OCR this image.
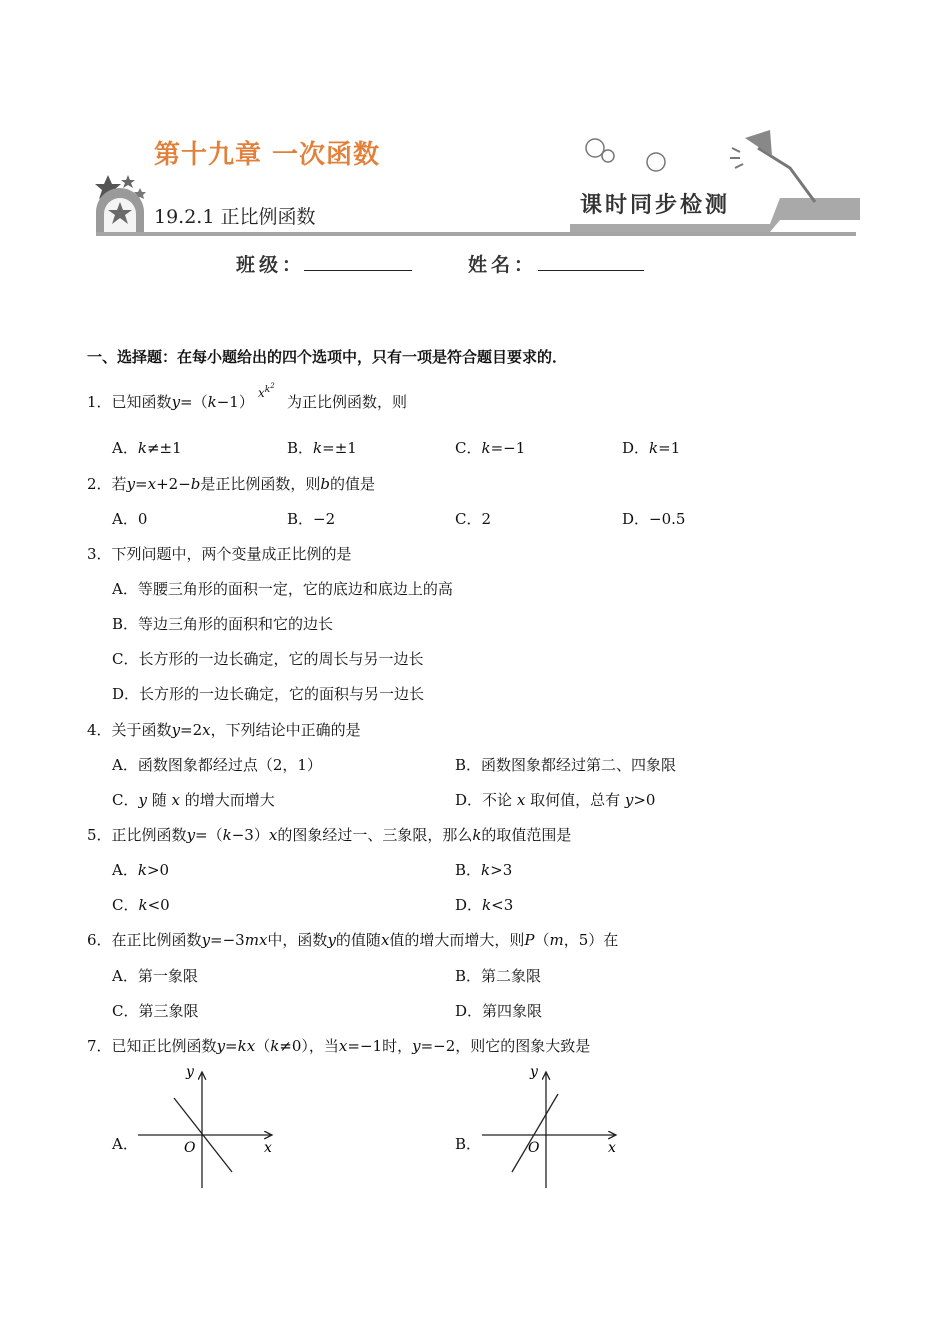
第十九章 一次函数
19.2.1 正比例函数	课时同步检测
班级：	姓名：
一、选择题：在每小题给出的四个选项中，只有一项是符合题目要求的．
1．已知函数y=（k−1） $x^{k^2}$
为正比例函数，则
A．k≠±1	B．k=±1	C．k=−1	D．k=1
2．若y=x+2−b是正比例函数，则b的值是
A．0	B．−2	C．2	D．−0.5
3．下列问题中，两个变量成正比例的是
A．等腰三角形的面积一定，它的底边和底边上的高
B．等边三角形的面积和它的边长
C．长方形的一边长确定，它的周长与另一边长
D．长方形的一边长确定，它的面积与另一边长
4．关于函数y=2x，下列结论中正确的是
A．函数图象都经过点（2，1）	B．函数图象都经过第二、四象限
C．y 随 x 的增大而增大	D．不论 x 取何值，总有 y>0
5．正比例函数y=（k−3）x的图象经过一、三象限，那么k的取值范围是
A．k>0	B．k>3
C．k<0	D．k<3
6．在正比例函数y=−3mx中，函数y的值随x值的增大而增大，则P（m，5）在
A．第一象限	B．第二象限
C．第三象限	D．第四象限
7．已知正比例函数y=kx（k≠0），当x=−1时，y=−2，则它的图象大致是
A．
y
x
O	B．
y
x
O
